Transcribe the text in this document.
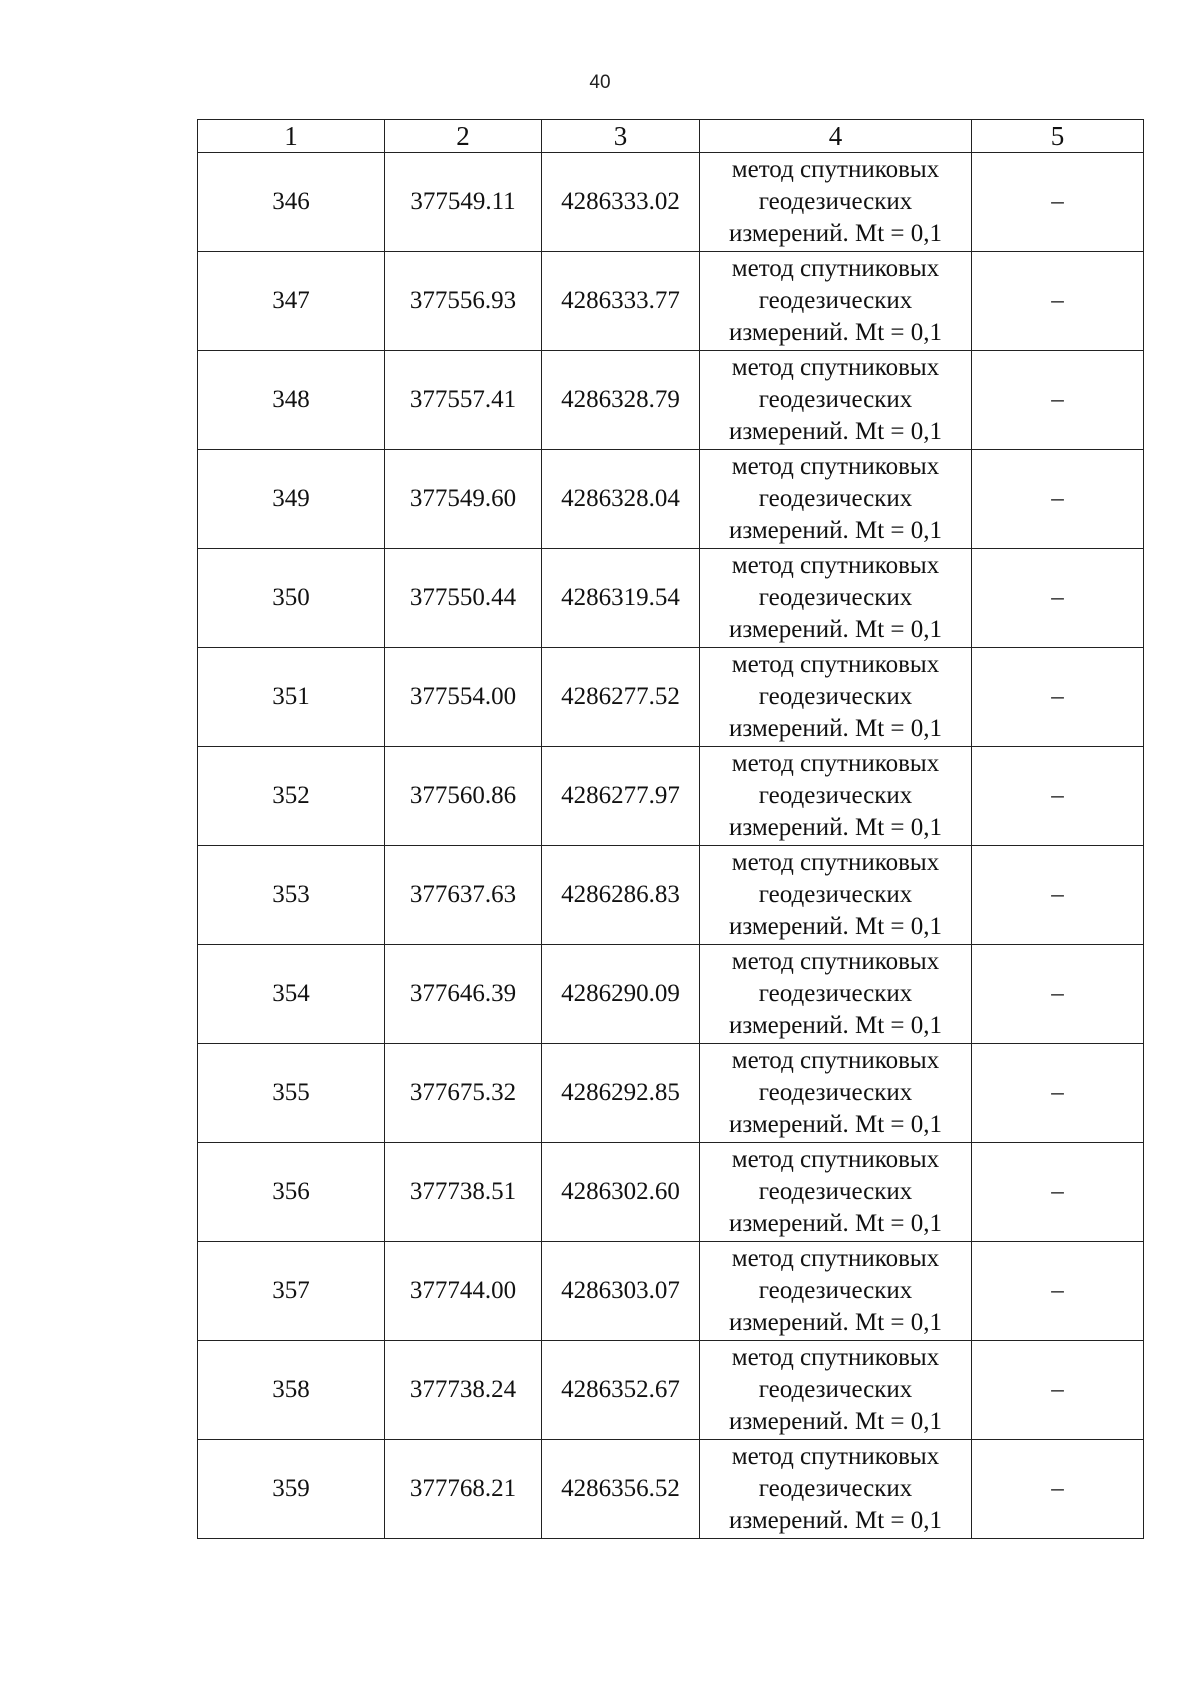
40
1	2	3	4	5
346	377549.11	4286333.02	метод спутниковых
геодезических
измерений. Mt = 0,1	–
347	377556.93	4286333.77	метод спутниковых
геодезических
измерений. Mt = 0,1	–
348	377557.41	4286328.79	метод спутниковых
геодезических
измерений. Mt = 0,1	–
349	377549.60	4286328.04	метод спутниковых
геодезических
измерений. Mt = 0,1	–
350	377550.44	4286319.54	метод спутниковых
геодезических
измерений. Mt = 0,1	–
351	377554.00	4286277.52	метод спутниковых
геодезических
измерений. Mt = 0,1	–
352	377560.86	4286277.97	метод спутниковых
геодезических
измерений. Mt = 0,1	–
353	377637.63	4286286.83	метод спутниковых
геодезических
измерений. Mt = 0,1	–
354	377646.39	4286290.09	метод спутниковых
геодезических
измерений. Mt = 0,1	–
355	377675.32	4286292.85	метод спутниковых
геодезических
измерений. Mt = 0,1	–
356	377738.51	4286302.60	метод спутниковых
геодезических
измерений. Mt = 0,1	–
357	377744.00	4286303.07	метод спутниковых
геодезических
измерений. Mt = 0,1	–
358	377738.24	4286352.67	метод спутниковых
геодезических
измерений. Mt = 0,1	–
359	377768.21	4286356.52	метод спутниковых
геодезических
измерений. Mt = 0,1	–
